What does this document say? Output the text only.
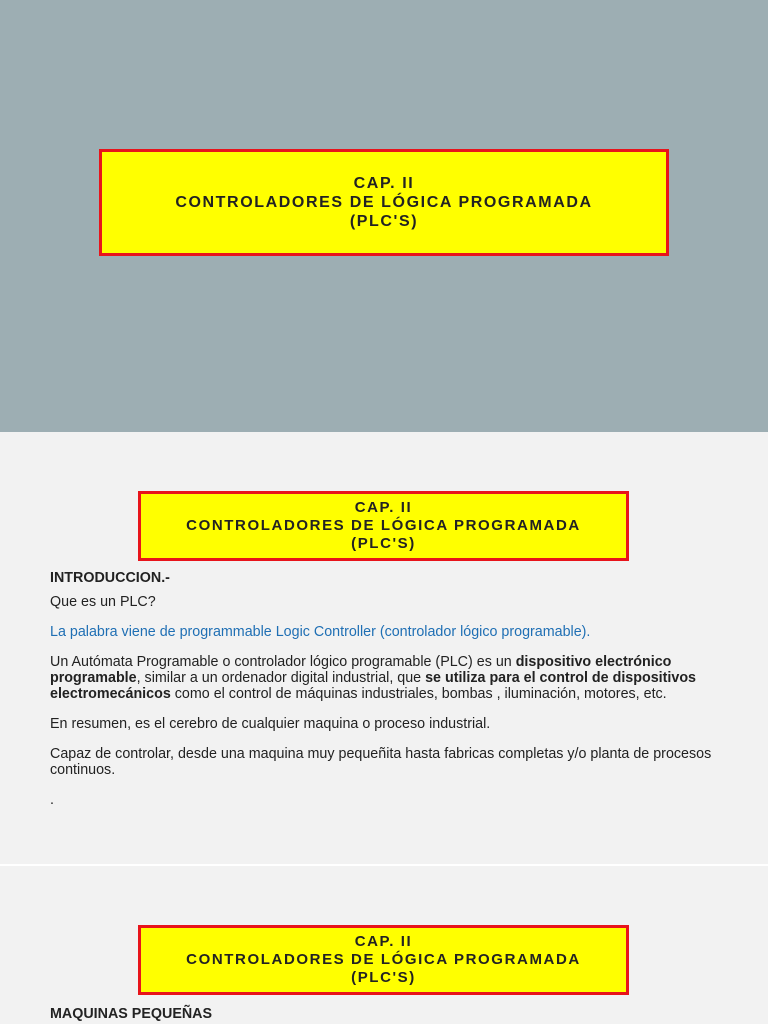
CAP. II
CONTROLADORES DE LÓGICA PROGRAMADA
(PLC'S)
CAP. II
CONTROLADORES DE LÓGICA PROGRAMADA
(PLC'S)

INTRODUCCION.-

Que es un PLC?

La palabra viene de programmable Logic Controller (controlador lógico programable).

Un Autómata Programable o controlador lógico programable (PLC) es un dispositivo electrónico programable, similar a un ordenador digital industrial, que se utiliza para el control de dispositivos electromecánicos como el control de máquinas industriales, bombas , iluminación, motores, etc.

En resumen, es el cerebro de cualquier maquina o proceso industrial.

Capaz de controlar, desde una maquina muy pequeñita hasta fabricas completas y/o planta de procesos continuos.

.

CAP. II
CONTROLADORES DE LÓGICA PROGRAMADA
(PLC'S)

MAQUINAS PEQUEÑAS
